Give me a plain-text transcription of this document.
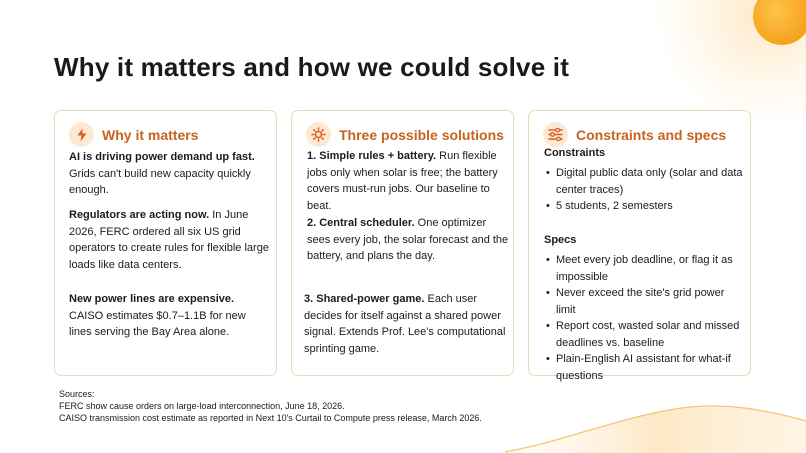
Why it matters and how we could solve it
Why it matters

AI is driving power demand up fast. Grids can't build new capacity quickly enough.

Regulators are acting now. In June 2026, FERC ordered all six US grid operators to create rules for flexible large loads like data centers.

New power lines are expensive. CAISO estimates $0.7–1.1B for new lines serving the Bay Area alone.

Three possible solutions

1. Simple rules + battery. Run flexible jobs only when solar is free; the battery covers must-run jobs. Our baseline to beat.

2. Central scheduler. One optimizer sees every job, the solar forecast and the battery, and plans the day.

3. Shared-power game. Each user decides for itself against a shared power signal. Extends Prof. Lee's computational sprinting game.

Constraints and specs
Constraints
• Digital public data only (solar and data center traces)
• 5 students, 2 semesters
Specs
• Meet every job deadline, or flag it as impossible
• Never exceed the site's grid power limit
• Report cost, wasted solar and missed deadlines vs. baseline
• Plain-English AI assistant for what-if questions
Sources:
FERC show cause orders on large-load interconnection, June 18, 2026.
CAISO transmission cost estimate as reported in Next 10's Curtail to Compute press release, March 2026.
